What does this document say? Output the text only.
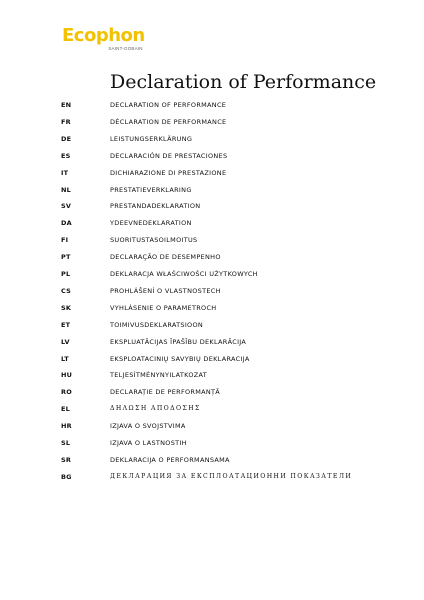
Ecophon
SAINT-GOBAIN
Declaration of Performance
EN	DECLARATION OF PERFORMANCE
FR	DÉCLARATION DE PERFORMANCE
DE	LEISTUNGSERKLÄRUNG
ES	DECLARACIÓN DE PRESTACIONES
IT	DICHIARAZIONE DI PRESTAZIONE
NL	PRESTATIEVERKLARING
SV	PRESTANDADEKLARATION
DA	YDEEVNEDEKLARATION
FI	SUORITUSTASOILMOITUS
PT	DECLARAÇÃO DE DESEMPENHO
PL	DEKLARACJA WŁAŚCIWOŚCI UŻYTKOWYCH
CS	PROHLÁŠENÍ O VLASTNOSTECH
SK	VYHLÁSENIE O PARAMETROCH
ET	TOIMIVUSDEKLARATSIOON
LV	EKSPLUATĀCIJAS ĪPAŠĪBU DEKLARĀCIJA
LT	EKSPLOATACINIŲ SAVYBIŲ DEKLARACIJA
HU	TELJESÍTMÉNYNYILATKOZAT
RO	DECLARAȚIE DE PERFORMANȚĂ
EL	ΔΗΛΩΣΗ ΑΠΟΔΟΣΗΣ
HR	IZJAVA O SVOJSTVIMA
SL	IZJAVA O LASTNOSTIH
SR	DEKLARACIJA O PERFORMANSAMA
BG	ДЕКЛАРАЦИЯ ЗА ЕКСПЛОАТАЦИОННИ ПОКАЗАТЕЛИ
